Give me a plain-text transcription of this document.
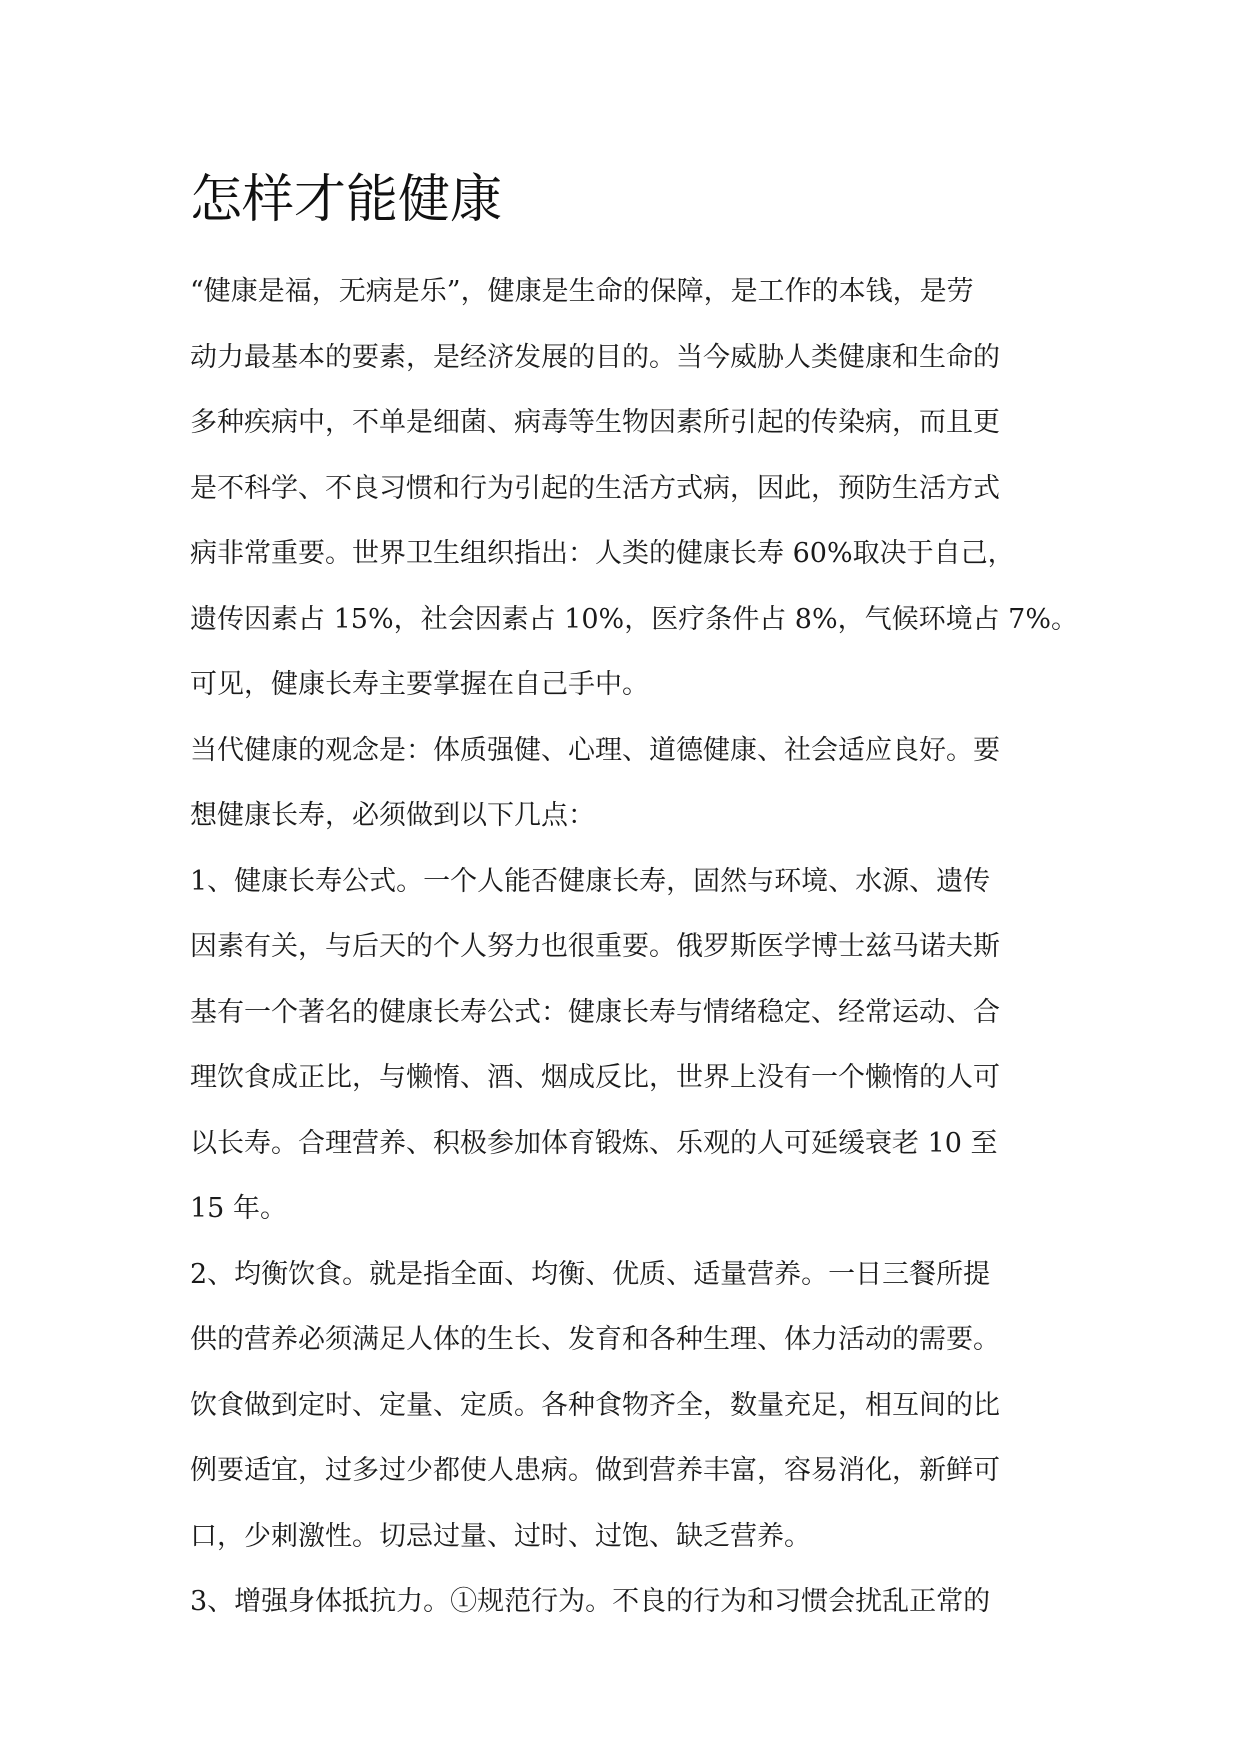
怎样才能健康
“健康是福，无病是乐”，健康是生命的保障，是工作的本钱，是劳
动力最基本的要素，是经济发展的目的。当今威胁人类健康和生命的
多种疾病中，不单是细菌、病毒等生物因素所引起的传染病，而且更
是不科学、不良习惯和行为引起的生活方式病，因此，预防生活方式
病非常重要。世界卫生组织指出：人类的健康长寿 60%取决于自己，
遗传因素占 15%，社会因素占 10%，医疗条件占 8%，气候环境占 7%。
可见，健康长寿主要掌握在自己手中。
当代健康的观念是：体质强健、心理、道德健康、社会适应良好。要
想健康长寿，必须做到以下几点：
1、健康长寿公式。一个人能否健康长寿，固然与环境、水源、遗传
因素有关，与后天的个人努力也很重要。俄罗斯医学博士兹马诺夫斯
基有一个著名的健康长寿公式：健康长寿与情绪稳定、经常运动、合
理饮食成正比，与懒惰、酒、烟成反比，世界上没有一个懒惰的人可
以长寿。合理营养、积极参加体育锻炼、乐观的人可延缓衰老 10 至
15 年。
2、均衡饮食。就是指全面、均衡、优质、适量营养。一日三餐所提
供的营养必须满足人体的生长、发育和各种生理、体力活动的需要。
饮食做到定时、定量、定质。各种食物齐全，数量充足，相互间的比
例要适宜，过多过少都使人患病。做到营养丰富，容易消化，新鲜可
口，少刺激性。切忌过量、过时、过饱、缺乏营养。
3、增强身体抵抗力。①规范行为。不良的行为和习惯会扰乱正常的
